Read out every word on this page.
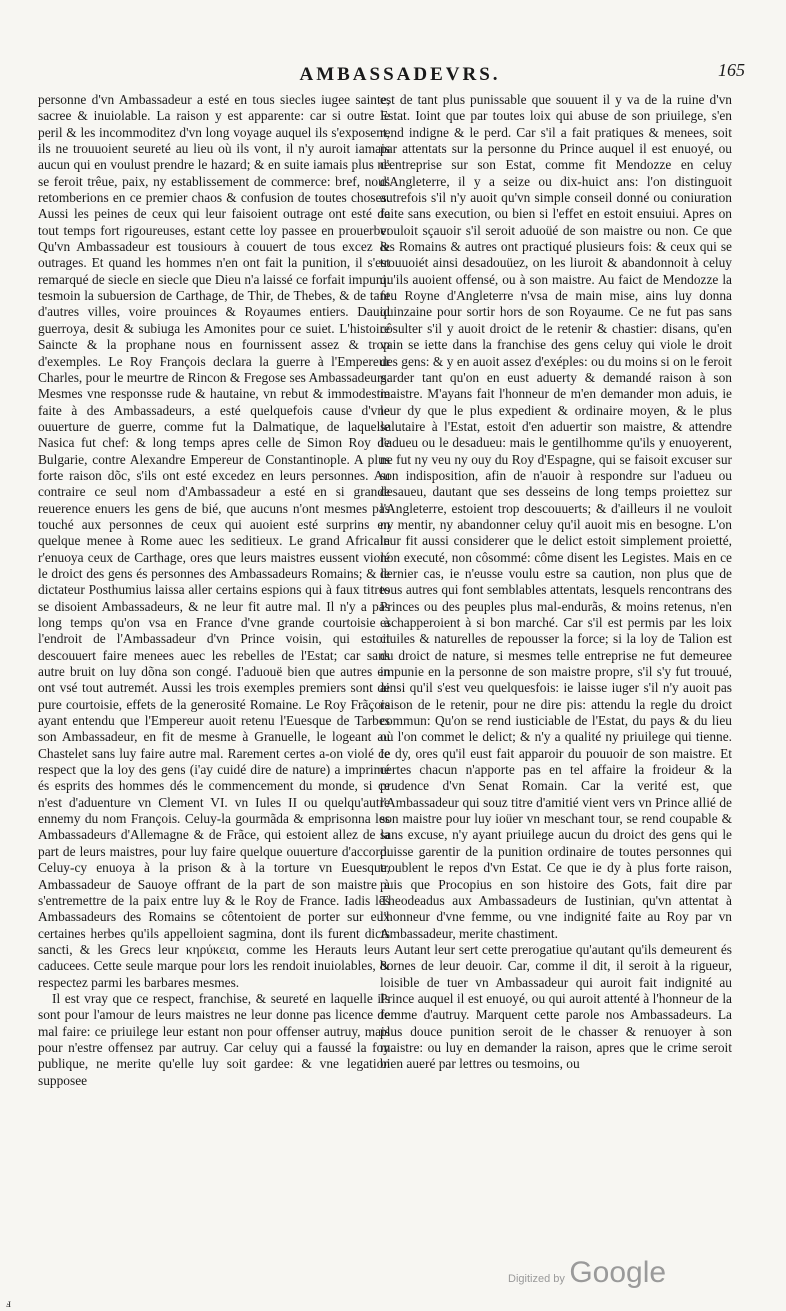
AMBASSADEVRS.	165

personne d'vn Ambassadeur a esté en tous siecles iugee sainte, sacree & inuiolable. La raison y est apparente: car si outre le peril & les incommoditez d'vn long voyage auquel ils s'exposent, ils ne trouuoient seureté au lieu où ils vont, il n'y auroit iamais aucun qui en voulust prendre le hazard; & en suite iamais plus ne se feroit trêue, paix, ny establissement de commerce: bref, nous retomberions en ce premier chaos & confusion de toutes choses. Aussi les peines de ceux qui leur faisoient outrage ont esté de tout temps fort rigoureuses, estant cette loy passee en prouerbe: Qu'vn Ambassadeur est tousiours à couuert de tous excez & outrages. Et quand les hommes n'en ont fait la punition, il s'est remarqué de siecle en siecle que Dieu n'a laissé ce forfait impuni: tesmoin la subuersion de Carthage, de Thir, de Thebes, & de tant d'autres villes, voire prouinces & Royaumes entiers. Dauid guerroya, desit & subiuga les Amonites pour ce suiet. L'histoire Saincte & la prophane nous en fournissent assez & trop d'exemples. Le Roy François declara la guerre à l'Empereur Charles, pour le meurtre de Rincon & Fregose ses Ambassadeurs. Mesmes vne responsse rude & hautaine, vn rebut & immodestie faite à des Ambassadeurs, a esté quelquefois cause d'vne ouuerture de guerre, comme fut la Dalmatique, de laquelle Nasica fut chef: & long temps apres celle de Simon Roy de Bulgarie, contre Alexandre Empereur de Constantinople. A plus forte raison dõc, s'ils ont esté excedez en leurs personnes. Au contraire ce seul nom d'Ambassadeur a esté en si grande reuerence enuers les gens de bié, que aucuns n'ont mesmes pas touché aux personnes de ceux qui auoient esté surprins en quelque menee à Rome auec les seditieux. Le grand Africain r'enuoya ceux de Carthage, ores que leurs maistres eussent violé le droict des gens és personnes des Ambassadeurs Romains; & le dictateur Posthumius laissa aller certains espions qui à faux titres se disoient Ambassadeurs, & ne leur fit autre mal. Il n'y a pas long temps qu'on vsa en France d'vne grande courtoisie à l'endroit de l'Ambassadeur d'vn Prince voisin, qui estoit descouuert faire menees auec les rebelles de l'Estat; car sans autre bruit on luy dõna son congé. I'aduouë bien que autres en ont vsé tout autremét. Aussi les trois exemples premiers sont de pure courtoisie, effets de la generosité Romaine. Le Roy Frãçois ayant entendu que l'Empereur auoit retenu l'Euesque de Tarbes son Ambassadeur, en fit de mesme à Granuelle, le logeant au Chastelet sans luy faire autre mal. Rarement certes a-on violé ce respect que la loy des gens (i'ay cuidé dire de nature) a imprimé és esprits des hommes dés le commencement du monde, si ce n'est d'aduenture vn Clement VI. vn Iules II ou quelqu'autre ennemy du nom François. Celuy-la gourmãda & emprisonna les Ambassadeurs d'Allemagne & de Frãce, qui estoient allez de la part de leurs maistres, pour luy faire quelque ouuerture d'accord. Celuy-cy enuoya à la prison & à la torture vn Euesque, Ambassadeur de Sauoye offrant de la part de son maistre à s'entremettre de la paix entre luy & le Roy de France. Iadis les Ambassadeurs des Romains se côtentoient de porter sur eux certaines herbes qu'ils appelloient sagmina, dont ils furent dicts sancti, & les Grecs leur κηρύκεια, comme les Herauts leurs caducees. Cette seule marque pour lors les rendoit inuiolables, & respectez parmi les barbares mesmes.

Il est vray que ce respect, franchise, & seureté en laquelle ils sont pour l'amour de leurs maistres ne leur donne pas licence de mal faire: ce priuilege leur estant non pour offenser autruy, mais pour n'estre offensez par autruy. Car celuy qui a faussé la foy publique, ne merite qu'elle luy soit gardee: & vne legation supposee

est de tant plus punissable que souuent il y va de la ruine d'vn Estat. Ioint que par toutes loix qui abuse de son priuilege, s'en rend indigne & le perd. Car s'il a fait pratiques & menees, soit par attentats sur la personne du Prince auquel il est enuoyé, ou d'entreprise sur son Estat, comme fit Mendozze en celuy d'Angleterre, il y a seize ou dix-huict ans: l'on distinguoit autrefois s'il n'y auoit qu'vn simple conseil donné ou coniuration faite sans execution, ou bien si l'effet en estoit ensuiui. Apres on vouloit sçauoir s'il seroit aduoüé de son maistre ou non. Ce que les Romains & autres ont practiqué plusieurs fois: & ceux qui se trouuoiét ainsi desadouüez, on les liuroit & abandonnoit à celuy qu'ils auoient offensé, ou à son maistre. Au faict de Mendozze la feu Royne d'Angleterre n'vsa de main mise, ains luy donna quinzaine pour sortir hors de son Royaume. Ce ne fut pas sans côsulter s'il y auoit droict de le retenir & chastier: disans, qu'en vain se iette dans la franchise des gens celuy qui viole le droit des gens: & y en auoit assez d'exéples: ou du moins si on le feroit garder tant qu'on en eust aduerty & demandé raison à son maistre. M'ayans fait l'honneur de m'en demander mon aduis, ie leur dy que le plus expedient & ordinaire moyen, & le plus salutaire à l'Estat, estoit d'en aduertir son maistre, & attendre l'adueu ou le desadueu: mais le gentilhomme qu'ils y enuoyerent, ne fut ny veu ny ouy du Roy d'Espagne, qui se faisoit excuser sur son indisposition, afin de n'auoir à respondre sur l'adueu ou desaueu, dautant que ses desseins de long temps proiettez sur l'Angleterre, estoient trop descouuerts; & d'ailleurs il ne vouloit ny mentir, ny abandonner celuy qu'il auoit mis en besogne. L'on leur fit aussi considerer que le delict estoit simplement proietté, non executé, non côsommé: côme disent les Legistes. Mais en ce dernier cas, ie n'eusse voulu estre sa caution, non plus que de tous autres qui font semblables attentats, lesquels rencontrans des Princes ou des peuples plus mal-endurãs, & moins retenus, n'en eschapperoient à si bon marché. Car s'il est permis par les loix ciuiles & naturelles de repousser la force; si la loy de Talion est du droict de nature, si mesmes telle entreprise ne fut demeuree impunie en la personne de son maistre propre, s'il s'y fut trouué, ainsi qu'il s'est veu quelquesfois: ie laisse iuger s'il n'y auoit pas raison de le retenir, pour ne dire pis: attendu la regle du droict commun: Qu'on se rend iusticiable de l'Estat, du pays & du lieu où l'on commet le delict; & n'y a qualité ny priuilege qui tienne. Ie dy, ores qu'il eust fait apparoir du pouuoir de son maistre. Et certes chacun n'apporte pas en tel affaire la froideur & la prudence d'vn Senat Romain. Car la verité est, que l'Ambassadeur qui souz titre d'amitié vient vers vn Prince allié de son maistre pour luy ioüer vn meschant tour, se rend coupable & sans excuse, n'y ayant priuilege aucun du droict des gens qui le puisse garentir de la punition ordinaire de toutes personnes qui troublent le repos d'vn Estat. Ce que ie dy à plus forte raison, puis que Procopius en son histoire des Gots, fait dire par Theodeadus aux Ambassadeurs de Iustinian, qu'vn attentat à l'honneur d'vne femme, ou vne indignité faite au Roy par vn Ambassadeur, merite chastiment.

Autant leur sert cette prerogatiue qu'autant qu'ils demeurent és bornes de leur deuoir. Car, comme il dit, il seroit à la rigueur, loisible de tuer vn Ambassadeur qui auroit fait indignité au Prince auquel il est enuoyé, ou qui auroit attenté à l'honneur de la femme d'autruy. Marquent cette parole nos Ambassadeurs. La plus douce punition seroit de le chasser & renuoyer à son maistre: ou luy en demander la raison, apres que le crime seroit bien aueré par lettres ou tesmoins, ou

Digitized by Google
ⅎ
